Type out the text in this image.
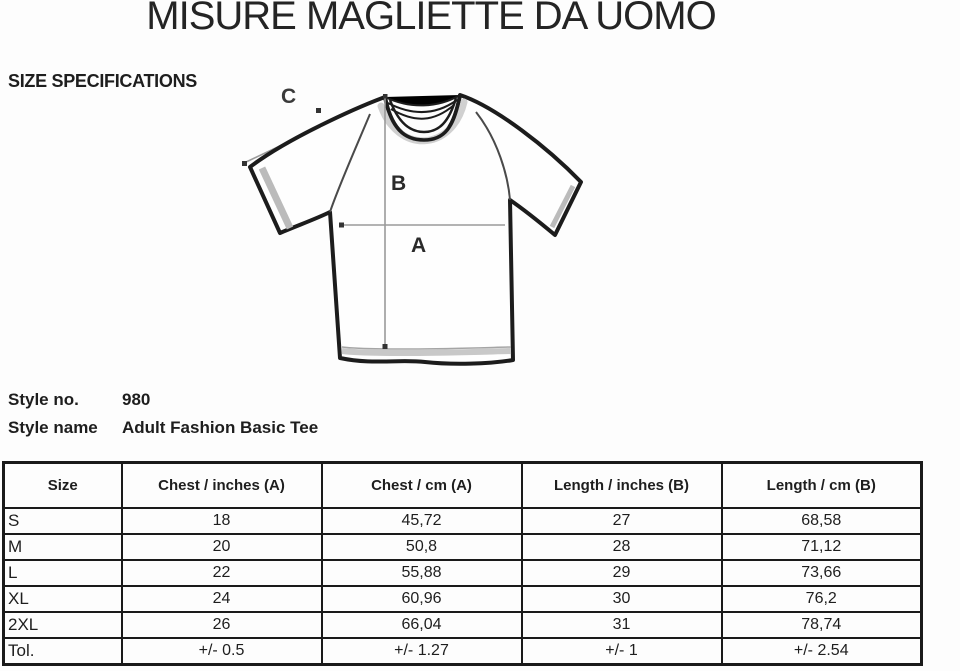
MISURE MAGLIETTE DA UOMO
SIZE SPECIFICATIONS
C
B
A
Style no.	980
Style name	Adult Fashion Basic Tee
Size	Chest / inches (A)	Chest / cm (A)	Length / inches (B)	Length / cm (B)
S	18	45,72	27	68,58
M	20	50,8	28	71,12
L	22	55,88	29	73,66
XL	24	60,96	30	76,2
2XL	26	66,04	31	78,74
Tol.	+/- 0.5	+/- 1.27	+/- 1	+/- 2.54
